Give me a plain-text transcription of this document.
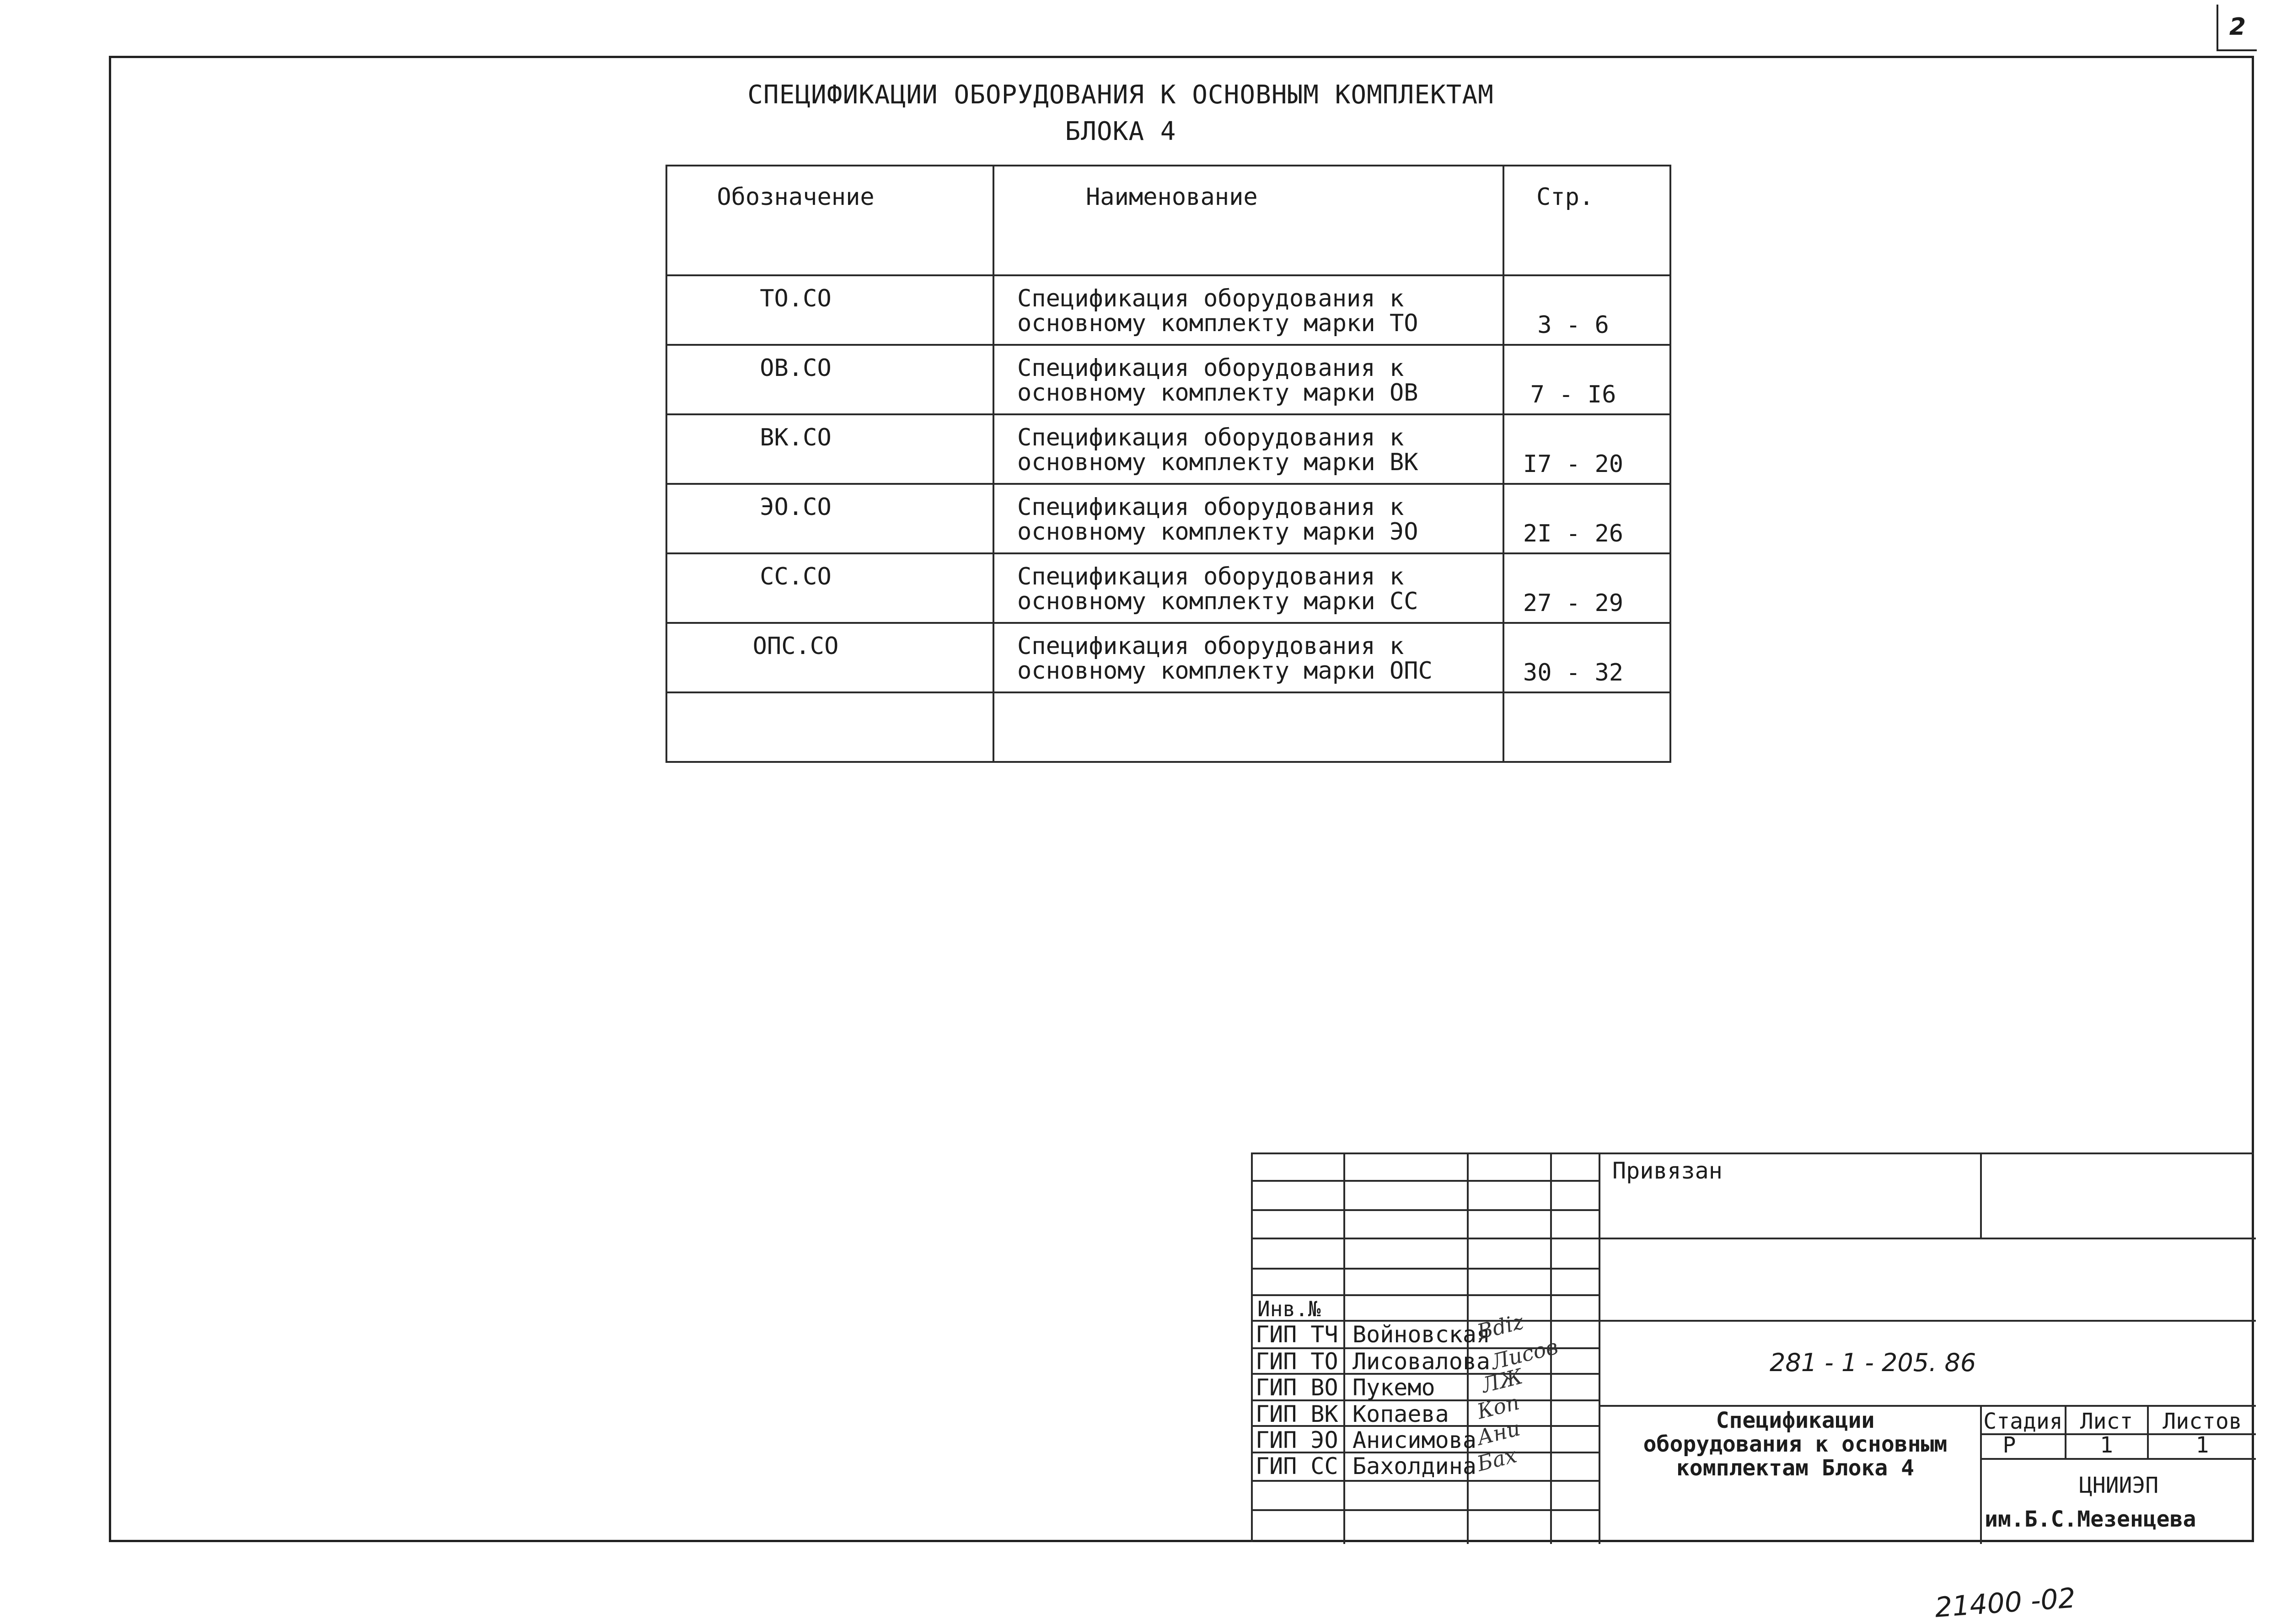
2
СПЕЦИФИКАЦИИ ОБОРУДОВАНИЯ К ОСНОВНЫМ КОМПЛЕКТАМ
БЛОКА 4
Обозначение	Наименование	Стр.
ТО.СО	Спецификация оборудования к
основному комплекту марки ТО	3 - 6
ОВ.СО	Спецификация оборудования к
основному комплекту марки ОВ	7 - I6
ВК.СО	Спецификация оборудования к
основному комплекту марки ВК	I7 - 20
ЭО.СО	Спецификация оборудования к
основному комплекту марки ЭО	2I - 26
СС.СО	Спецификация оборудования к
основному комплекту марки СС	27 - 29
ОПС.СО	Спецификация оборудования к
основному комплекту марки ОПС	30 - 32

Привязан
Инв.№
ГИП ТЧ Войновская
Bdiz
ГИП ТО Лисовалова
Лисов
ГИП ВО Пукемо ЛЖ
ГИП ВК Копаева Коп
ГИП ЭО Анисимова
Ани
ГИП СС Бахолдина
Бах
281 - 1 - 205. 86
Спецификации
оборудования к основным
комплектам Блока 4
Стадия Лист	Листов
Р	1	1
ЦНИИЭП
им.Б.С.Мезенцева
21400 -02
